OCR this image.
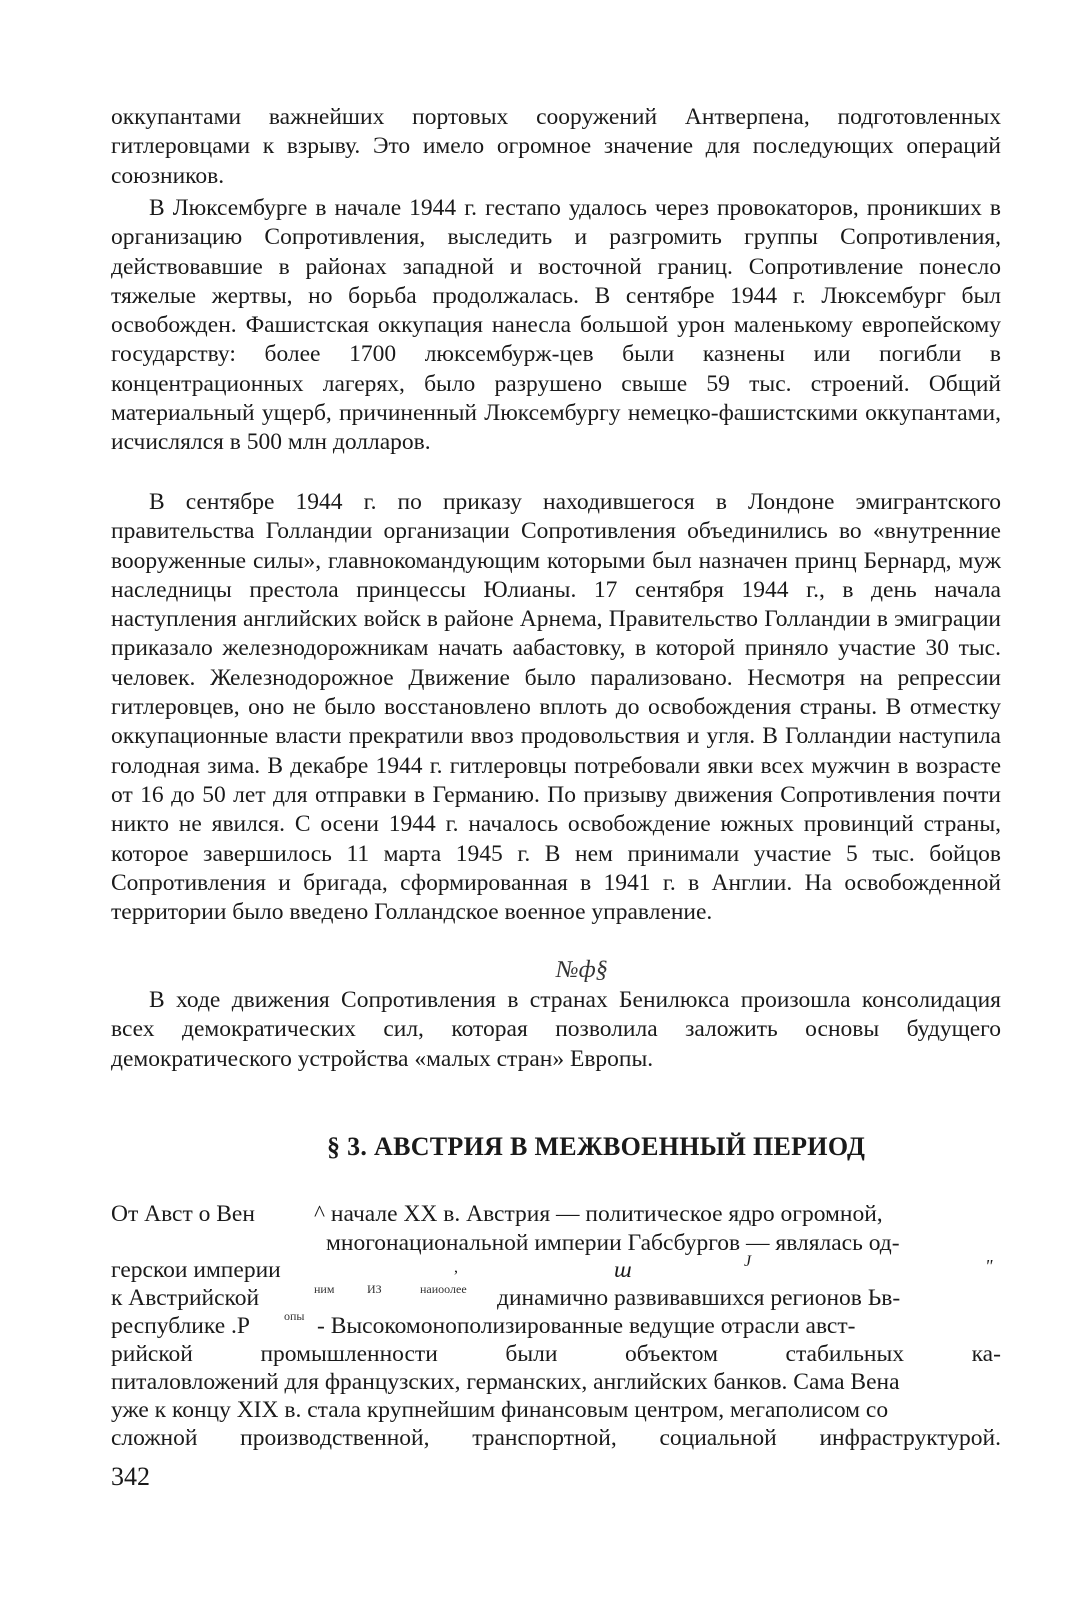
оккупантами важнейших портовых сооружений Антверпена, подготовленных гитлеровцами к взрыву. Это имело огромное значение для последующих операций союзников.

В Люксембурге в начале 1944 г. гестапо удалось через провокаторов, проникших в организацию Сопротивления, выследить и разгромить группы Сопротивления, действовавшие в районах западной и восточной границ. Сопротивление понесло тяжелые жертвы, но борьба продолжалась. В сентябре 1944 г. Люксембург был освобожден. Фашистская оккупация нанесла большой урон маленькому европейскому государству: более 1700 люксембурж-цев были казнены или погибли в концентрационных лагерях, было разрушено свыше 59 тыс. строений. Общий материальный ущерб, причиненный Люксембургу немецко-фашистскими оккупантами, исчислялся в 500 млн долларов.

В сентябре 1944 г. по приказу находившегося в Лондоне эмигрантского правительства Голландии организации Сопротивления объединились во «внутренние вооруженные силы», главнокомандующим которыми был назначен принц Бернард, муж наследницы престола принцессы Юлианы. 17 сентября 1944 г., в день начала наступления английских войск в районе Арнема, Правительство Голландии в эмиграции приказало железнодорожникам начать аабастовку, в которой приняло участие 30 тыс. человек. Железнодорожное Движение было парализовано. Несмотря на репрессии гитлеровцев, оно не было восстановлено вплоть до освобождения страны. В отместку оккупационные власти прекратили ввоз продовольствия и угля. В Голландии наступила голодная зима. В декабре 1944 г. гитлеровцы потребовали явки всех мужчин в возрасте от 16 до 50 лет для отправки в Германию. По призыву движения Сопротивления почти никто не явился. С осени 1944 г. началось освобождение южных провинций страны, которое завершилось 11 марта 1945 г. В нем принимали участие 5 тыс. бойцов Сопротивления и бригада, сформированная в 1941 г. в Англии. На освобожденной территории было введено Голландское военное управление.

№ф§

В ходе движения Сопротивления в странах Бенилюкса произошла консолидация всех демократических сил, которая позволила заложить основы будущего демократического устройства «малых стран» Европы.

§ 3. АВСТРИЯ В МЕЖВОЕННЫЙ ПЕРИОД
От Авст о Вен	^ начале XX в. Австрия — политическое ядро огромной,
многонациональной империи Габсбургов — являлась од-
герскои империи	,	ш	J	"
к Австрийской	ним	ИЗ	наиоолее динамично развивавшихся регионов Ьв-
республике .Р	опы - Высокомонополизированные ведущие отрасли авст-
рийской	промышленности	были	объектом	стабильных	ка-
питаловложений для французских, германских, английских банков. Сама Вена
уже к концу XIX в. стала крупнейшим финансовым центром, мегаполисом со
сложной производственной, транспортной, социальной инфраструктурой.
342
